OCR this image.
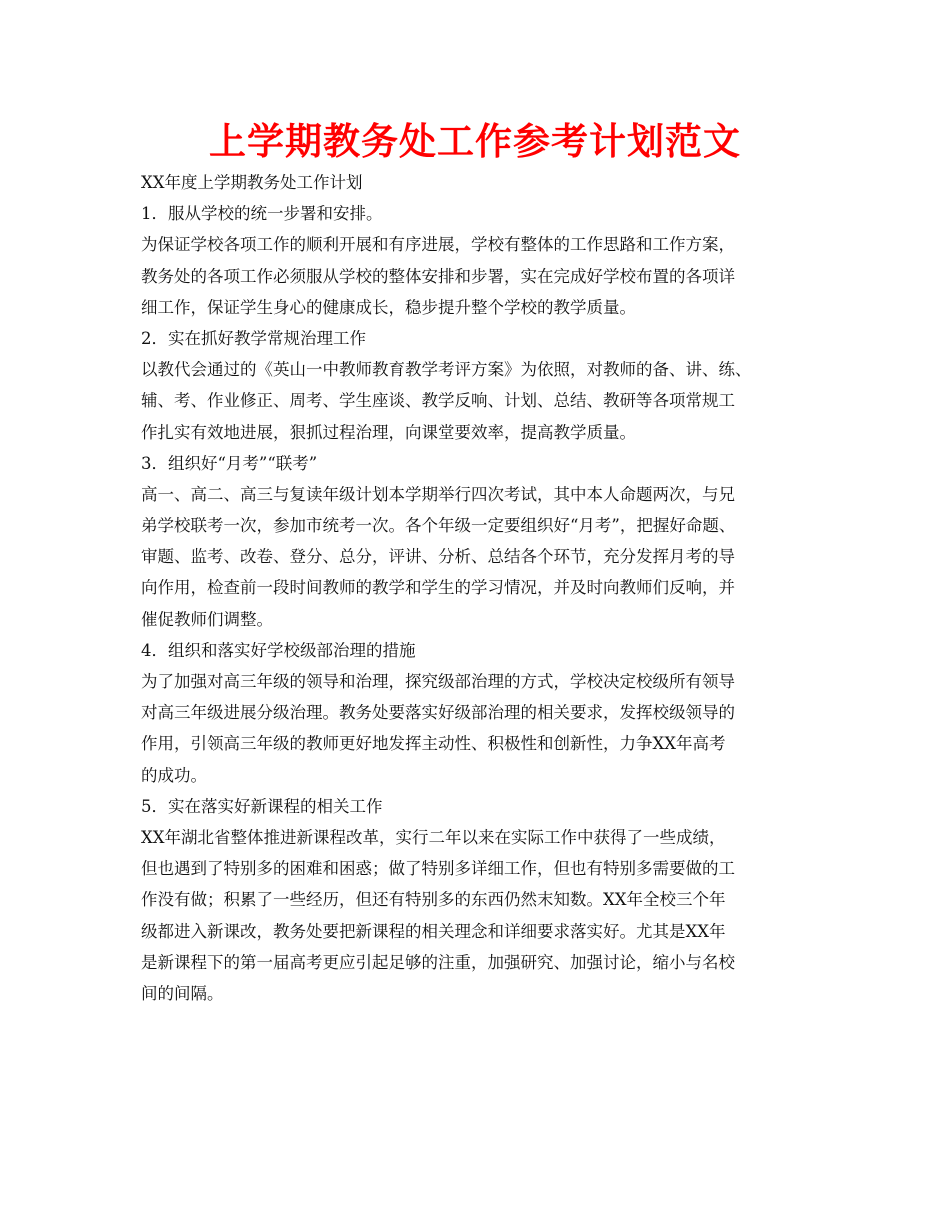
上学期教务处工作参考计划范文
XX年度上学期教务处工作计划
1．服从学校的统一步署和安排。
为保证学校各项工作的顺利开展和有序进展，学校有整体的工作思路和工作方案，
教务处的各项工作必须服从学校的整体安排和步署，实在完成好学校布置的各项详
细工作，保证学生身心的健康成长，稳步提升整个学校的教学质量。
2．实在抓好教学常规治理工作
以教代会通过的《英山一中教师教育教学考评方案》为依照，对教师的备、讲、练、
辅、考、作业修正、周考、学生座谈、教学反响、计划、总结、教研等各项常规工
作扎实有效地进展，狠抓过程治理，向课堂要效率，提高教学质量。
3．组织好“月考”“联考”
高一、高二、高三与复读年级计划本学期举行四次考试，其中本人命题两次，与兄
弟学校联考一次，参加市统考一次。各个年级一定要组织好“月考”，把握好命题、
审题、监考、改卷、登分、总分，评讲、分析、总结各个环节，充分发挥月考的导
向作用，检查前一段时间教师的教学和学生的学习情况，并及时向教师们反响，并
催促教师们调整。
4．组织和落实好学校级部治理的措施
为了加强对高三年级的领导和治理，探究级部治理的方式，学校决定校级所有领导
对高三年级进展分级治理。教务处要落实好级部治理的相关要求，发挥校级领导的
作用，引领高三年级的教师更好地发挥主动性、积极性和创新性，力争XX年高考
的成功。
5．实在落实好新课程的相关工作
XX年湖北省整体推进新课程改革，实行二年以来在实际工作中获得了一些成绩，
但也遇到了特别多的困难和困惑；做了特别多详细工作，但也有特别多需要做的工
作没有做；积累了一些经历，但还有特别多的东西仍然末知数。XX年全校三个年
级都进入新课改，教务处要把新课程的相关理念和详细要求落实好。尤其是XX年
是新课程下的第一届高考更应引起足够的注重，加强研究、加强讨论，缩小与名校
间的间隔。
